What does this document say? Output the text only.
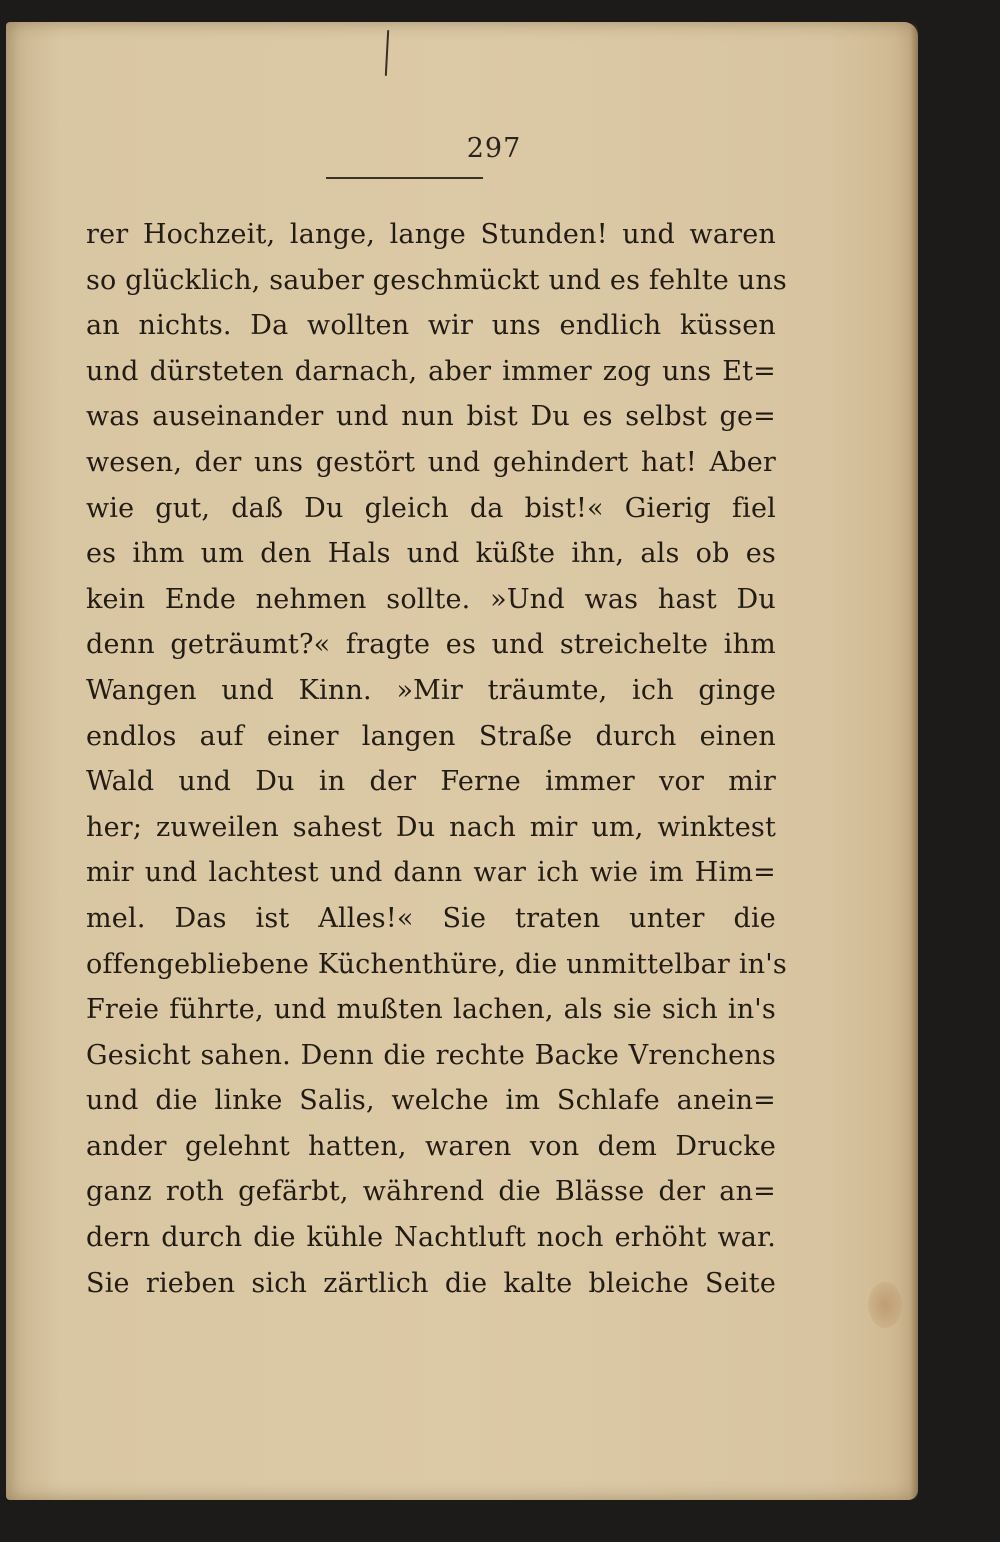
297
rer Hochzeit, lange, lange Stunden! und waren
so glücklich, sauber geschmückt und es fehlte uns
an nichts. Da wollten wir uns endlich küssen
und dürsteten darnach, aber immer zog uns Et=
was auseinander und nun bist Du es selbst ge=
wesen, der uns gestört und gehindert hat! Aber
wie gut, daß Du gleich da bist!« Gierig fiel
es ihm um den Hals und küßte ihn, als ob es
kein Ende nehmen sollte. »Und was hast Du
denn geträumt?« fragte es und streichelte ihm
Wangen und Kinn. »Mir träumte, ich ginge
endlos auf einer langen Straße durch einen
Wald und Du in der Ferne immer vor mir
her; zuweilen sahest Du nach mir um, winktest
mir und lachtest und dann war ich wie im Him=
mel. Das ist Alles!« Sie traten unter die
offengebliebene Küchenthüre, die unmittelbar in's
Freie führte, und mußten lachen, als sie sich in's
Gesicht sahen. Denn die rechte Backe Vrenchens
und die linke Salis, welche im Schlafe anein=
ander gelehnt hatten, waren von dem Drucke
ganz roth gefärbt, während die Blässe der an=
dern durch die kühle Nachtluft noch erhöht war.
Sie rieben sich zärtlich die kalte bleiche Seite
